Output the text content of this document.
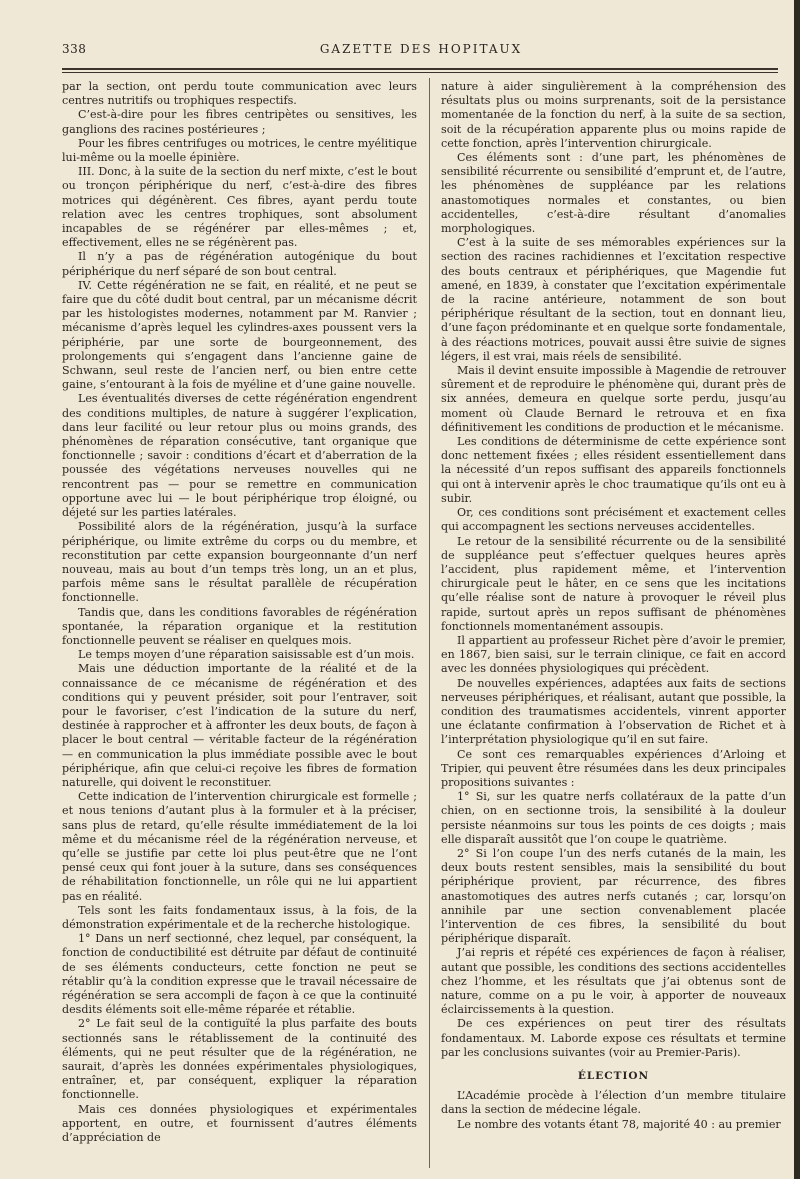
338	GAZETTE DES HOPITAUX

par la section, ont perdu toute communication avec leurs centres nutritifs ou trophiques respectifs.

C’est-à-dire pour les fibres centripètes ou sensitives, les ganglions des racines postérieures ;

Pour les fibres centrifuges ou motrices, le centre myélitique lui-même ou la moelle épinière.

III. Donc, à la suite de la section du nerf mixte, c’est le bout ou tronçon périphérique du nerf, c’est-à-dire des fibres motrices qui dégénèrent. Ces fibres, ayant perdu toute relation avec les centres trophiques, sont absolument incapables de se régénérer par elles-mêmes ; et, effectivement, elles ne se régénèrent pas.

Il n’y a pas de régénération autogénique du bout périphérique du nerf séparé de son bout central.

IV. Cette régénération ne se fait, en réalité, et ne peut se faire que du côté dudit bout central, par un mécanisme décrit par les histologistes modernes, notamment par M. Ranvier ; mécanisme d’après lequel les cylindres-axes poussent vers la périphérie, par une sorte de bourgeonnement, des prolongements qui s’engagent dans l’ancienne gaine de Schwann, seul reste de l’ancien nerf, ou bien entre cette gaine, s’entourant à la fois de myéline et d’une gaine nouvelle.

Les éventualités diverses de cette régénération engendrent des conditions multiples, de nature à suggérer l’explication, dans leur facilité ou leur retour plus ou moins grands, des phénomènes de réparation consécutive, tant organique que fonctionnelle ; savoir : conditions d’écart et d’aberration de la poussée des végétations nerveuses nouvelles qui ne rencontrent pas — pour se remettre en communication opportune avec lui — le bout périphérique trop éloigné, ou déjeté sur les parties latérales.

Possibilité alors de la régénération, jusqu’à la surface périphérique, ou limite extrême du corps ou du membre, et reconstitution par cette expansion bourgeonnante d’un nerf nouveau, mais au bout d’un temps très long, un an et plus, parfois même sans le résultat parallèle de récupération fonctionnelle.

Tandis que, dans les conditions favorables de régénération spontanée, la réparation organique et la restitution fonctionnelle peuvent se réaliser en quelques mois.

Le temps moyen d’une réparation saisissable est d’un mois.

Mais une déduction importante de la réalité et de la connaissance de ce mécanisme de régénération et des conditions qui y peuvent présider, soit pour l’entraver, soit pour le favoriser, c’est l’indication de la suture du nerf, destinée à rapprocher et à affronter les deux bouts, de façon à placer le bout central — véritable facteur de la régénération — en communication la plus immédiate possible avec le bout périphérique, afin que celui-ci reçoive les fibres de formation naturelle, qui doivent le reconstituer.

Cette indication de l’intervention chirurgicale est formelle ; et nous tenions d’autant plus à la formuler et à la préciser, sans plus de retard, qu’elle résulte immédiatement de la loi même et du mécanisme réel de la régénération nerveuse, et qu’elle se justifie par cette loi plus peut-être que ne l’ont pensé ceux qui font jouer à la suture, dans ses conséquences de réhabilitation fonctionnelle, un rôle qui ne lui appartient pas en réalité.

Tels sont les faits fondamentaux issus, à la fois, de la démonstration expérimentale et de la recherche histologique.

1° Dans un nerf sectionné, chez lequel, par conséquent, la fonction de conductibilité est détruite par défaut de continuité de ses éléments conducteurs, cette fonction ne peut se rétablir qu’à la condition expresse que le travail nécessaire de régénération se sera accompli de façon à ce que la continuité desdits éléments soit elle-même réparée et rétablie.

2° Le fait seul de la contiguïté la plus parfaite des bouts sectionnés sans le rétablissement de la continuité des éléments, qui ne peut résulter que de la régénération, ne saurait, d’après les données expérimentales physiologiques, entraîner, et, par conséquent, expliquer la réparation fonctionnelle.

Mais ces données physiologiques et expérimentales apportent, en outre, et fournissent d’autres éléments d’appréciation de

nature à aider singulièrement à la compréhension des résultats plus ou moins surprenants, soit de la persistance momentanée de la fonction du nerf, à la suite de sa section, soit de la récupération apparente plus ou moins rapide de cette fonction, après l’intervention chirurgicale.

Ces éléments sont : d’une part, les phénomènes de sensibilité récurrente ou sensibilité d’emprunt et, de l’autre, les phénomènes de suppléance par les relations anastomotiques normales et constantes, ou bien accidentelles, c’est-à-dire résultant d’anomalies morphologiques.

C’est à la suite de ses mémorables expériences sur la section des racines rachidiennes et l’excitation respective des bouts centraux et périphériques, que Magendie fut amené, en 1839, à constater que l’excitation expérimentale de la racine antérieure, notamment de son bout périphérique résultant de la section, tout en donnant lieu, d’une façon prédominante et en quelque sorte fondamentale, à des réactions motrices, pouvait aussi être suivie de signes légers, il est vrai, mais réels de sensibilité.

Mais il devint ensuite impossible à Magendie de retrouver sûrement et de reproduire le phénomène qui, durant près de six années, demeura en quelque sorte perdu, jusqu’au moment où Claude Bernard le retrouva et en fixa définitivement les conditions de production et le mécanisme.

Les conditions de déterminisme de cette expérience sont donc nettement fixées ; elles résident essentiellement dans la nécessité d’un repos suffisant des appareils fonctionnels qui ont à intervenir après le choc traumatique qu’ils ont eu à subir.

Or, ces conditions sont précisément et exactement celles qui accompagnent les sections nerveuses accidentelles.

Le retour de la sensibilité récurrente ou de la sensibilité de suppléance peut s’effectuer quelques heures après l’accident, plus rapidement même, et l’intervention chirurgicale peut le hâter, en ce sens que les incitations qu’elle réalise sont de nature à provoquer le réveil plus rapide, surtout après un repos suffisant de phénomènes fonctionnels momentanément assoupis.

Il appartient au professeur Richet père d’avoir le premier, en 1867, bien saisi, sur le terrain clinique, ce fait en accord avec les données physiologiques qui précèdent.

De nouvelles expériences, adaptées aux faits de sections nerveuses périphériques, et réalisant, autant que possible, la condition des traumatismes accidentels, vinrent apporter une éclatante confirmation à l’observation de Richet et à l’interprétation physiologique qu’il en sut faire.

Ce sont ces remarquables expériences d’Arloing et Tripier, qui peuvent être résumées dans les deux principales propositions suivantes :

1° Si, sur les quatre nerfs collatéraux de la patte d’un chien, on en sectionne trois, la sensibilité à la douleur persiste néanmoins sur tous les points de ces doigts ; mais elle disparaît aussitôt que l’on coupe le quatrième.

2° Si l’on coupe l’un des nerfs cutanés de la main, les deux bouts restent sensibles, mais la sensibilité du bout périphérique provient, par récurrence, des fibres anastomotiques des autres nerfs cutanés ; car, lorsqu’on annihile par une section convenablement placée l’intervention de ces fibres, la sensibilité du bout périphérique disparaît.

J’ai repris et répété ces expériences de façon à réaliser, autant que possible, les conditions des sections accidentelles chez l’homme, et les résultats que j’ai obtenus sont de nature, comme on a pu le voir, à apporter de nouveaux éclaircissements à la question.

De ces expériences on peut tirer des résultats fondamentaux. M. Laborde expose ces résultats et termine par les conclusions suivantes (voir au Premier-Paris).

ÉLECTION

L’Académie procède à l’élection d’un membre titulaire dans la section de médecine légale.

Le nombre des votants étant 78, majorité 40 : au premier
